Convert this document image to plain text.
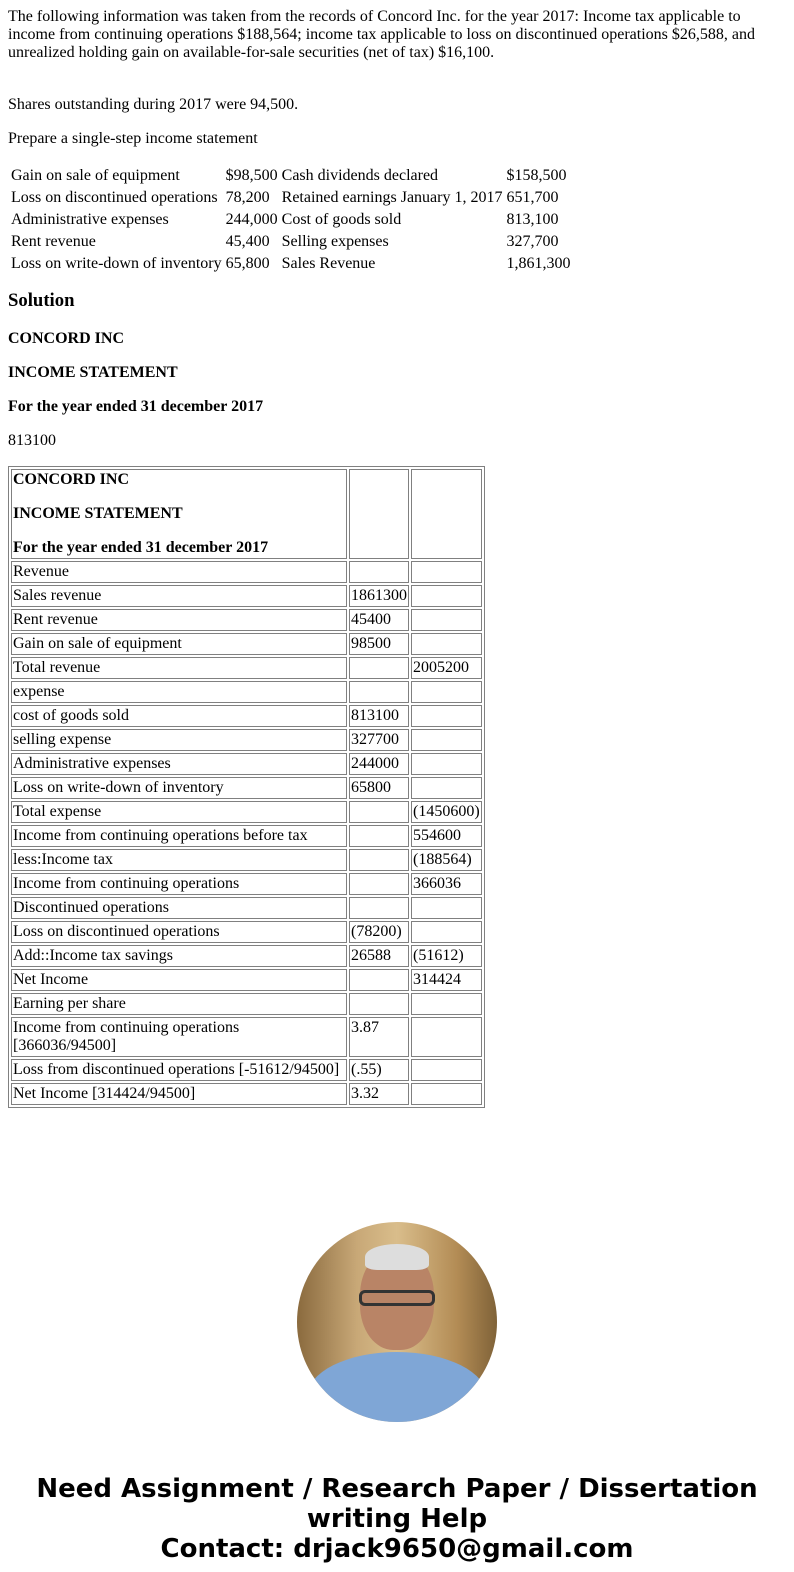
The following information was taken from the records of Concord Inc. for the year 2017: Income tax applicable to income from continuing operations $188,564; income tax applicable to loss on discontinued operations $26,588, and unrealized holding gain on available-for-sale securities (net of tax) $16,100.

Shares outstanding during 2017 were 94,500.

Prepare a single-step income statement

Gain on sale of equipment	$98,500	Cash dividends declared	$158,500
Loss on discontinued operations	78,200	Retained earnings January 1, 2017	651,700
Administrative expenses	244,000	Cost of goods sold	813,100
Rent revenue	45,400	Selling expenses	327,700
Loss on write-down of inventory	65,800	Sales Revenue	1,861,300
Solution

CONCORD INC

INCOME STATEMENT

For the year ended 31 december 2017

813100

CONCORD INC
INCOME STATEMENT
For the year ended 31 december 2017		

Revenue		
Sales revenue	1861300	
Rent revenue	45400	
Gain on sale of equipment	98500	
Total revenue		2005200
expense		
cost of goods sold	813100	
selling expense	327700	
Administrative expenses	244000	
Loss on write-down of inventory	65800	
Total expense		(1450600)
Income from continuing operations before tax		554600
less:Income tax		(188564)
Income from continuing operations		366036
Discontinued operations		
Loss on discontinued operations	(78200)	
Add::Income tax savings	26588	(51612)
Net Income		314424
Earning per share		
Income from continuing operations [366036/94500]	3.87	
Loss from discontinued operations [-51612/94500]	(.55)	
Net Income [314424/94500]	3.32	
Need Assignment / Research Paper / Dissertation writing Help
Contact: drjack9650@gmail.com
